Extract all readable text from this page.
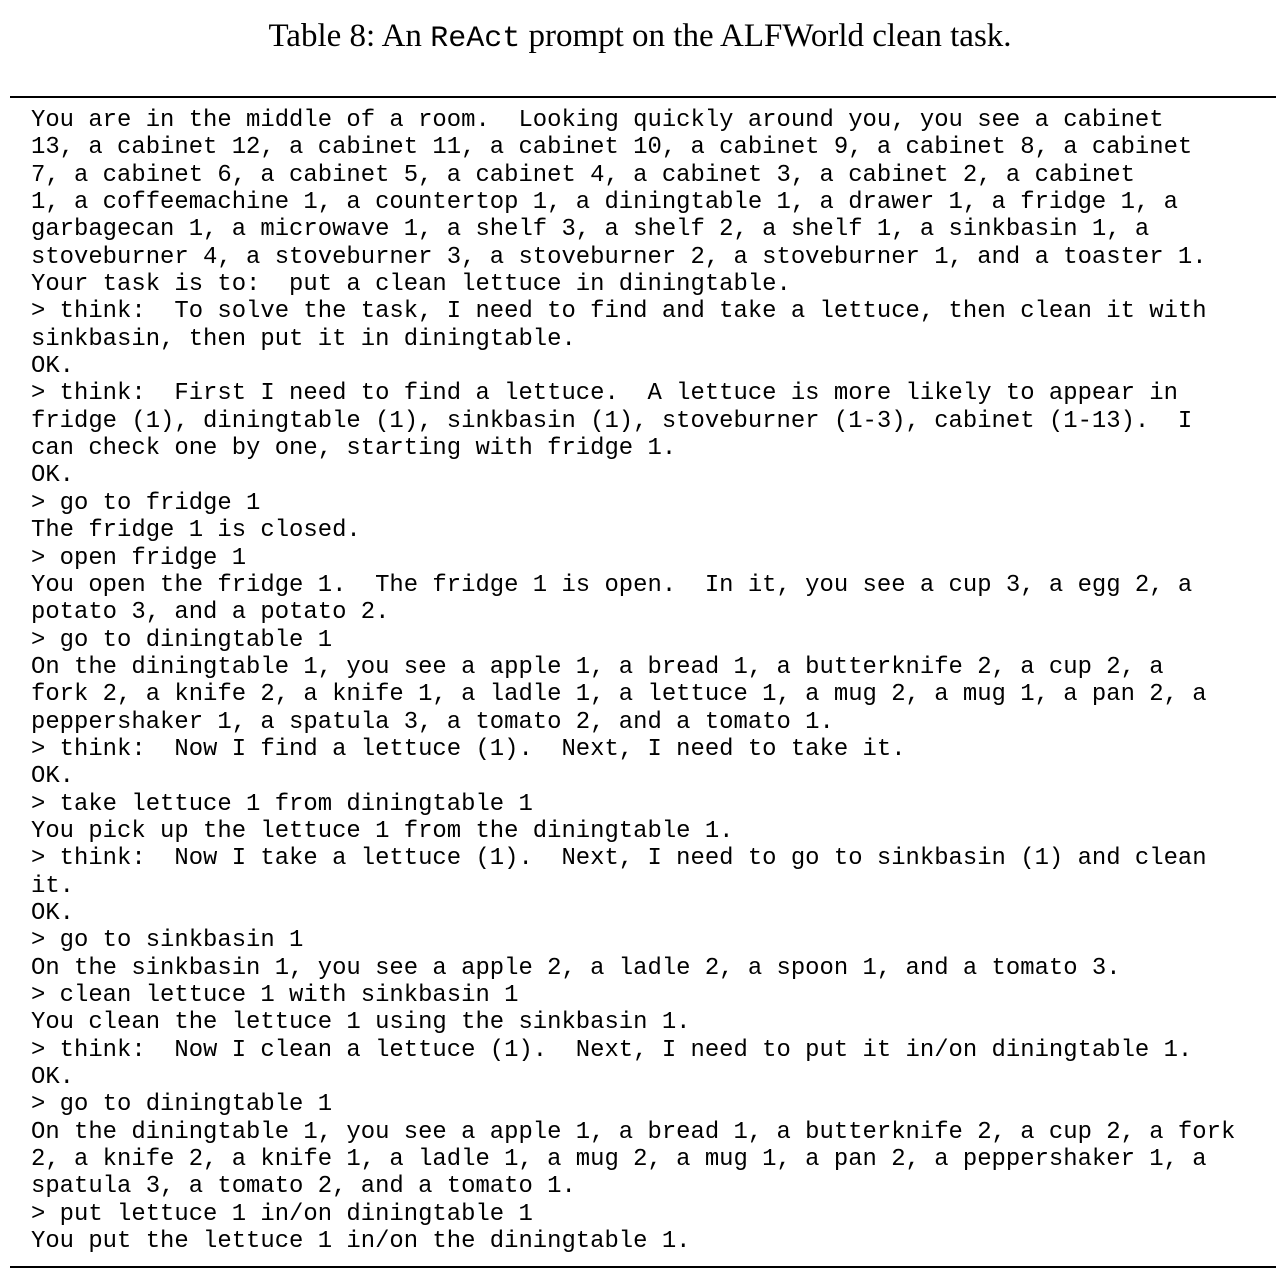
Table 8: An ReAct prompt on the ALFWorld clean task.
You are in the middle of a room.  Looking quickly around you, you see a cabinet
13, a cabinet 12, a cabinet 11, a cabinet 10, a cabinet 9, a cabinet 8, a cabinet
7, a cabinet 6, a cabinet 5, a cabinet 4, a cabinet 3, a cabinet 2, a cabinet
1, a coffeemachine 1, a countertop 1, a diningtable 1, a drawer 1, a fridge 1, a
garbagecan 1, a microwave 1, a shelf 3, a shelf 2, a shelf 1, a sinkbasin 1, a
stoveburner 4, a stoveburner 3, a stoveburner 2, a stoveburner 1, and a toaster 1.
Your task is to:  put a clean lettuce in diningtable.
> think:  To solve the task, I need to find and take a lettuce, then clean it with
sinkbasin, then put it in diningtable.
OK.
> think:  First I need to find a lettuce.  A lettuce is more likely to appear in
fridge (1), diningtable (1), sinkbasin (1), stoveburner (1-3), cabinet (1-13).  I
can check one by one, starting with fridge 1.
OK.
> go to fridge 1
The fridge 1 is closed.
> open fridge 1
You open the fridge 1.  The fridge 1 is open.  In it, you see a cup 3, a egg 2, a
potato 3, and a potato 2.
> go to diningtable 1
On the diningtable 1, you see a apple 1, a bread 1, a butterknife 2, a cup 2, a
fork 2, a knife 2, a knife 1, a ladle 1, a lettuce 1, a mug 2, a mug 1, a pan 2, a
peppershaker 1, a spatula 3, a tomato 2, and a tomato 1.
> think:  Now I find a lettuce (1).  Next, I need to take it.
OK.
> take lettuce 1 from diningtable 1
You pick up the lettuce 1 from the diningtable 1.
> think:  Now I take a lettuce (1).  Next, I need to go to sinkbasin (1) and clean
it.
OK.
> go to sinkbasin 1
On the sinkbasin 1, you see a apple 2, a ladle 2, a spoon 1, and a tomato 3.
> clean lettuce 1 with sinkbasin 1
You clean the lettuce 1 using the sinkbasin 1.
> think:  Now I clean a lettuce (1).  Next, I need to put it in/on diningtable 1.
OK.
> go to diningtable 1
On the diningtable 1, you see a apple 1, a bread 1, a butterknife 2, a cup 2, a fork
2, a knife 2, a knife 1, a ladle 1, a mug 2, a mug 1, a pan 2, a peppershaker 1, a
spatula 3, a tomato 2, and a tomato 1.
> put lettuce 1 in/on diningtable 1
You put the lettuce 1 in/on the diningtable 1.
